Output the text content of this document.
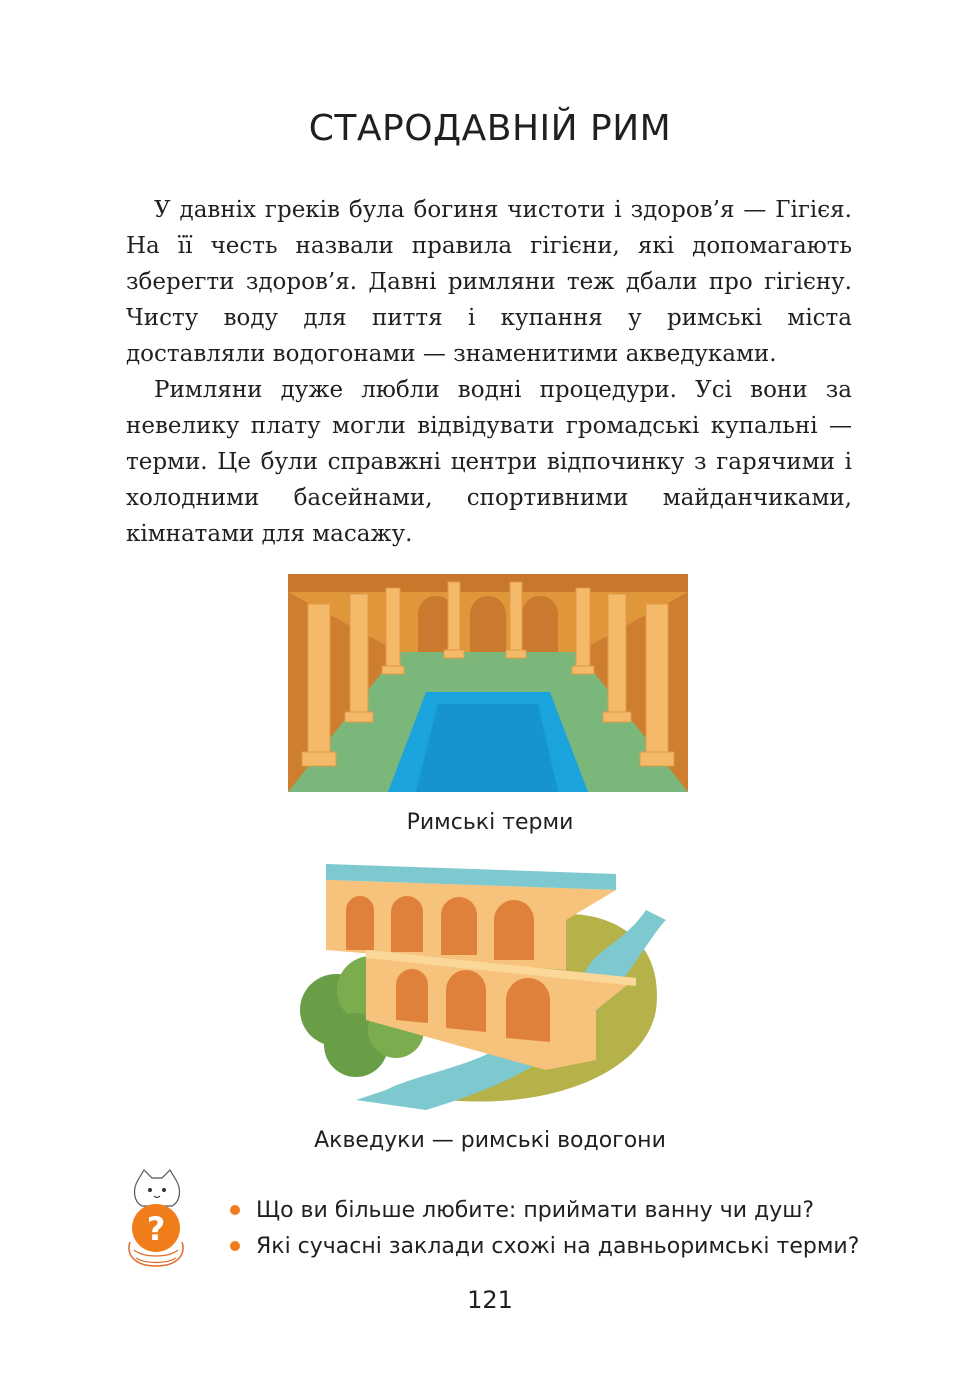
СТАРОДАВНІЙ РИМ

У давніх греків була богиня чистоти і здоров’я — Гігієя. На її честь назвали правила гігієни, які допомагають зберегти здоров’я. Давні римляни теж дбали про гігієну. Чисту воду для пиття і купання у римські міста доставляли водогонами — знаменитими акведуками.

Римляни дуже любли водні процедури. Усі вони за невелику плату могли відвідувати громадські купальні — терми. Це були справжні центри відпочинку з гарячими і холодними басейнами, спортивними майданчиками, кімнатами для масажу.

Римські терми
Акведуки — римські водогони
?	Що ви більше любите: приймати ванну чи душ?
Які сучасні заклади схожі на давньоримські терми?
121
